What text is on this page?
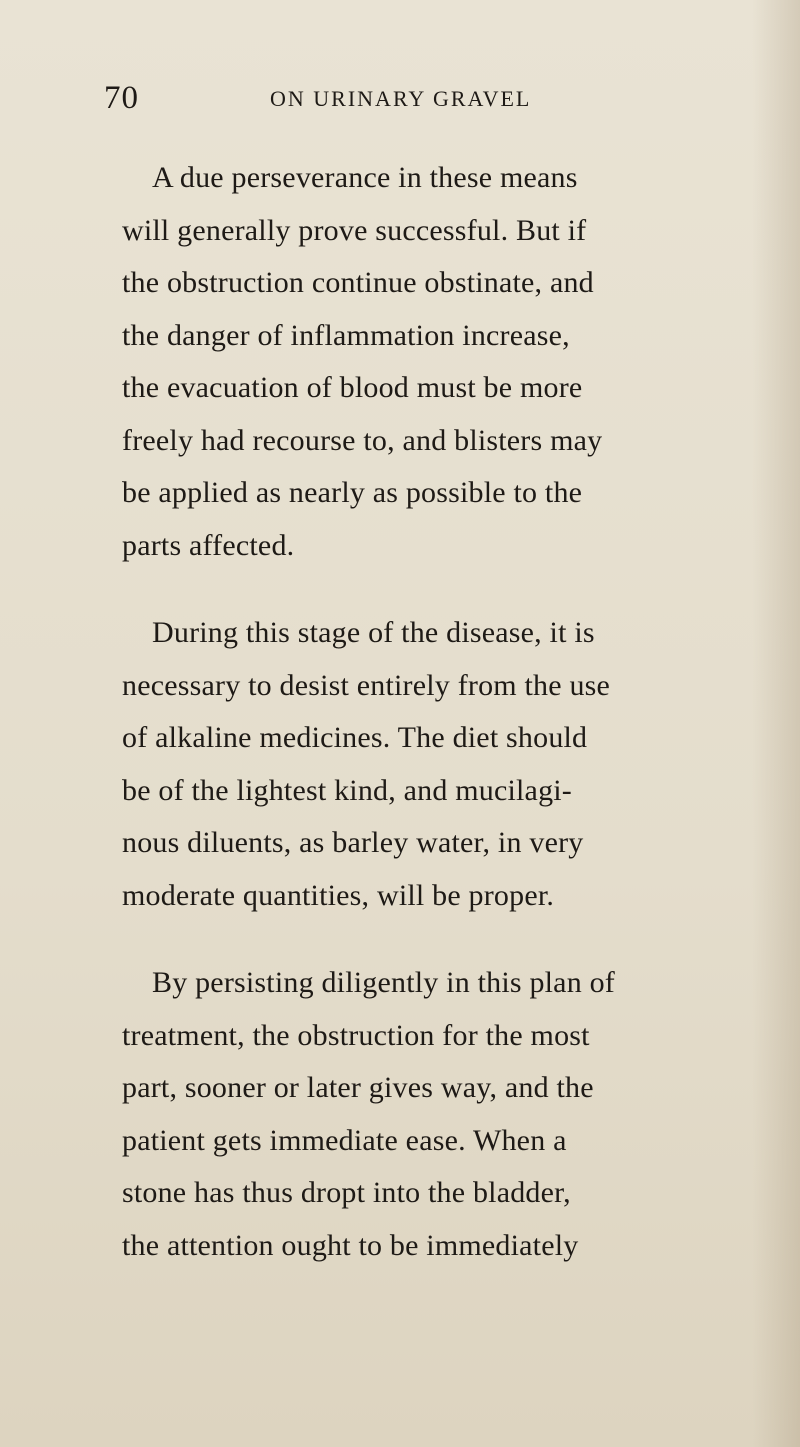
70	ON URINARY GRAVEL
A due perseverance in these means
will generally prove successful. But if
the obstruction continue obstinate, and
the danger of inflammation increase,
the evacuation of blood must be more
freely had recourse to, and blisters may
be applied as nearly as possible to the
parts affected.
During this stage of the disease, it is
necessary to desist entirely from the use
of alkaline medicines. The diet should
be of the lightest kind, and mucilagi-
nous diluents, as barley water, in very
moderate quantities, will be proper.
By persisting diligently in this plan of
treatment, the obstruction for the most
part, sooner or later gives way, and the
patient gets immediate ease. When a
stone has thus dropt into the bladder,
the attention ought to be immediately
